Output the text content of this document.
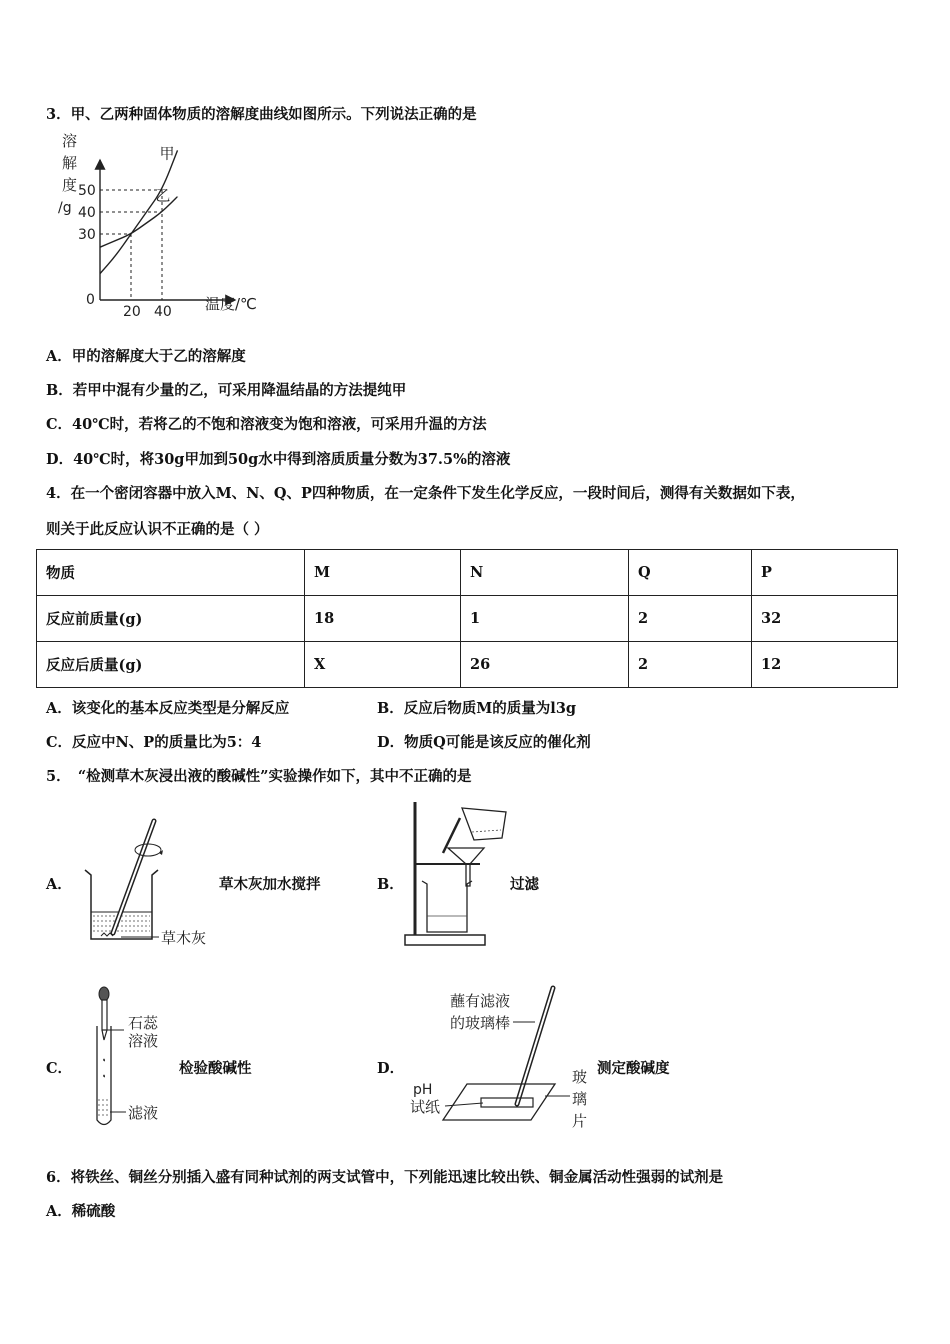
3．甲、乙两种固体物质的溶解度曲线如图所示。下列说法正确的是
溶
解
度
/g
甲
乙
20 40
50
40
30
0	温度/℃
A．甲的溶解度大于乙的溶解度
B．若甲中混有少量的乙，可采用降温结晶的方法提纯甲
C．40℃时，若将乙的不饱和溶液变为饱和溶液，可采用升温的方法
D．40℃时，将30g甲加到50g水中得到溶质质量分数为37.5%的溶液
4．在一个密闭容器中放入M、N、Q、P四种物质，在一定条件下发生化学反应，一段时间后，测得有关数据如下表，
则关于此反应认识不正确的是（ ）
物质	M	N	Q	P
反应前质量(g)	18	1	2	32
反应后质量(g)	X	26	2	12
A．该变化的基本反应类型是分解反应	B．反应后物质M的质量为l3g
C．反应中N、P的质量比为5：4	D．物质Q可能是该反应的催化剂
5．　“检测草木灰浸出液的酸碱性”实验操作如下，其中不正确的是
A．
草木灰
草木灰加水搅拌	B．	过滤
C．
石蕊
溶液
滤液
检验酸碱性	D．
蘸有滤液
的玻璃棒
pH
试纸
玻
璃
片
测定酸碱度
6．将铁丝、铜丝分别插入盛有同种试剂的两支试管中，下列能迅速比较出铁、铜金属活动性强弱的试剂是
A．稀硫酸
